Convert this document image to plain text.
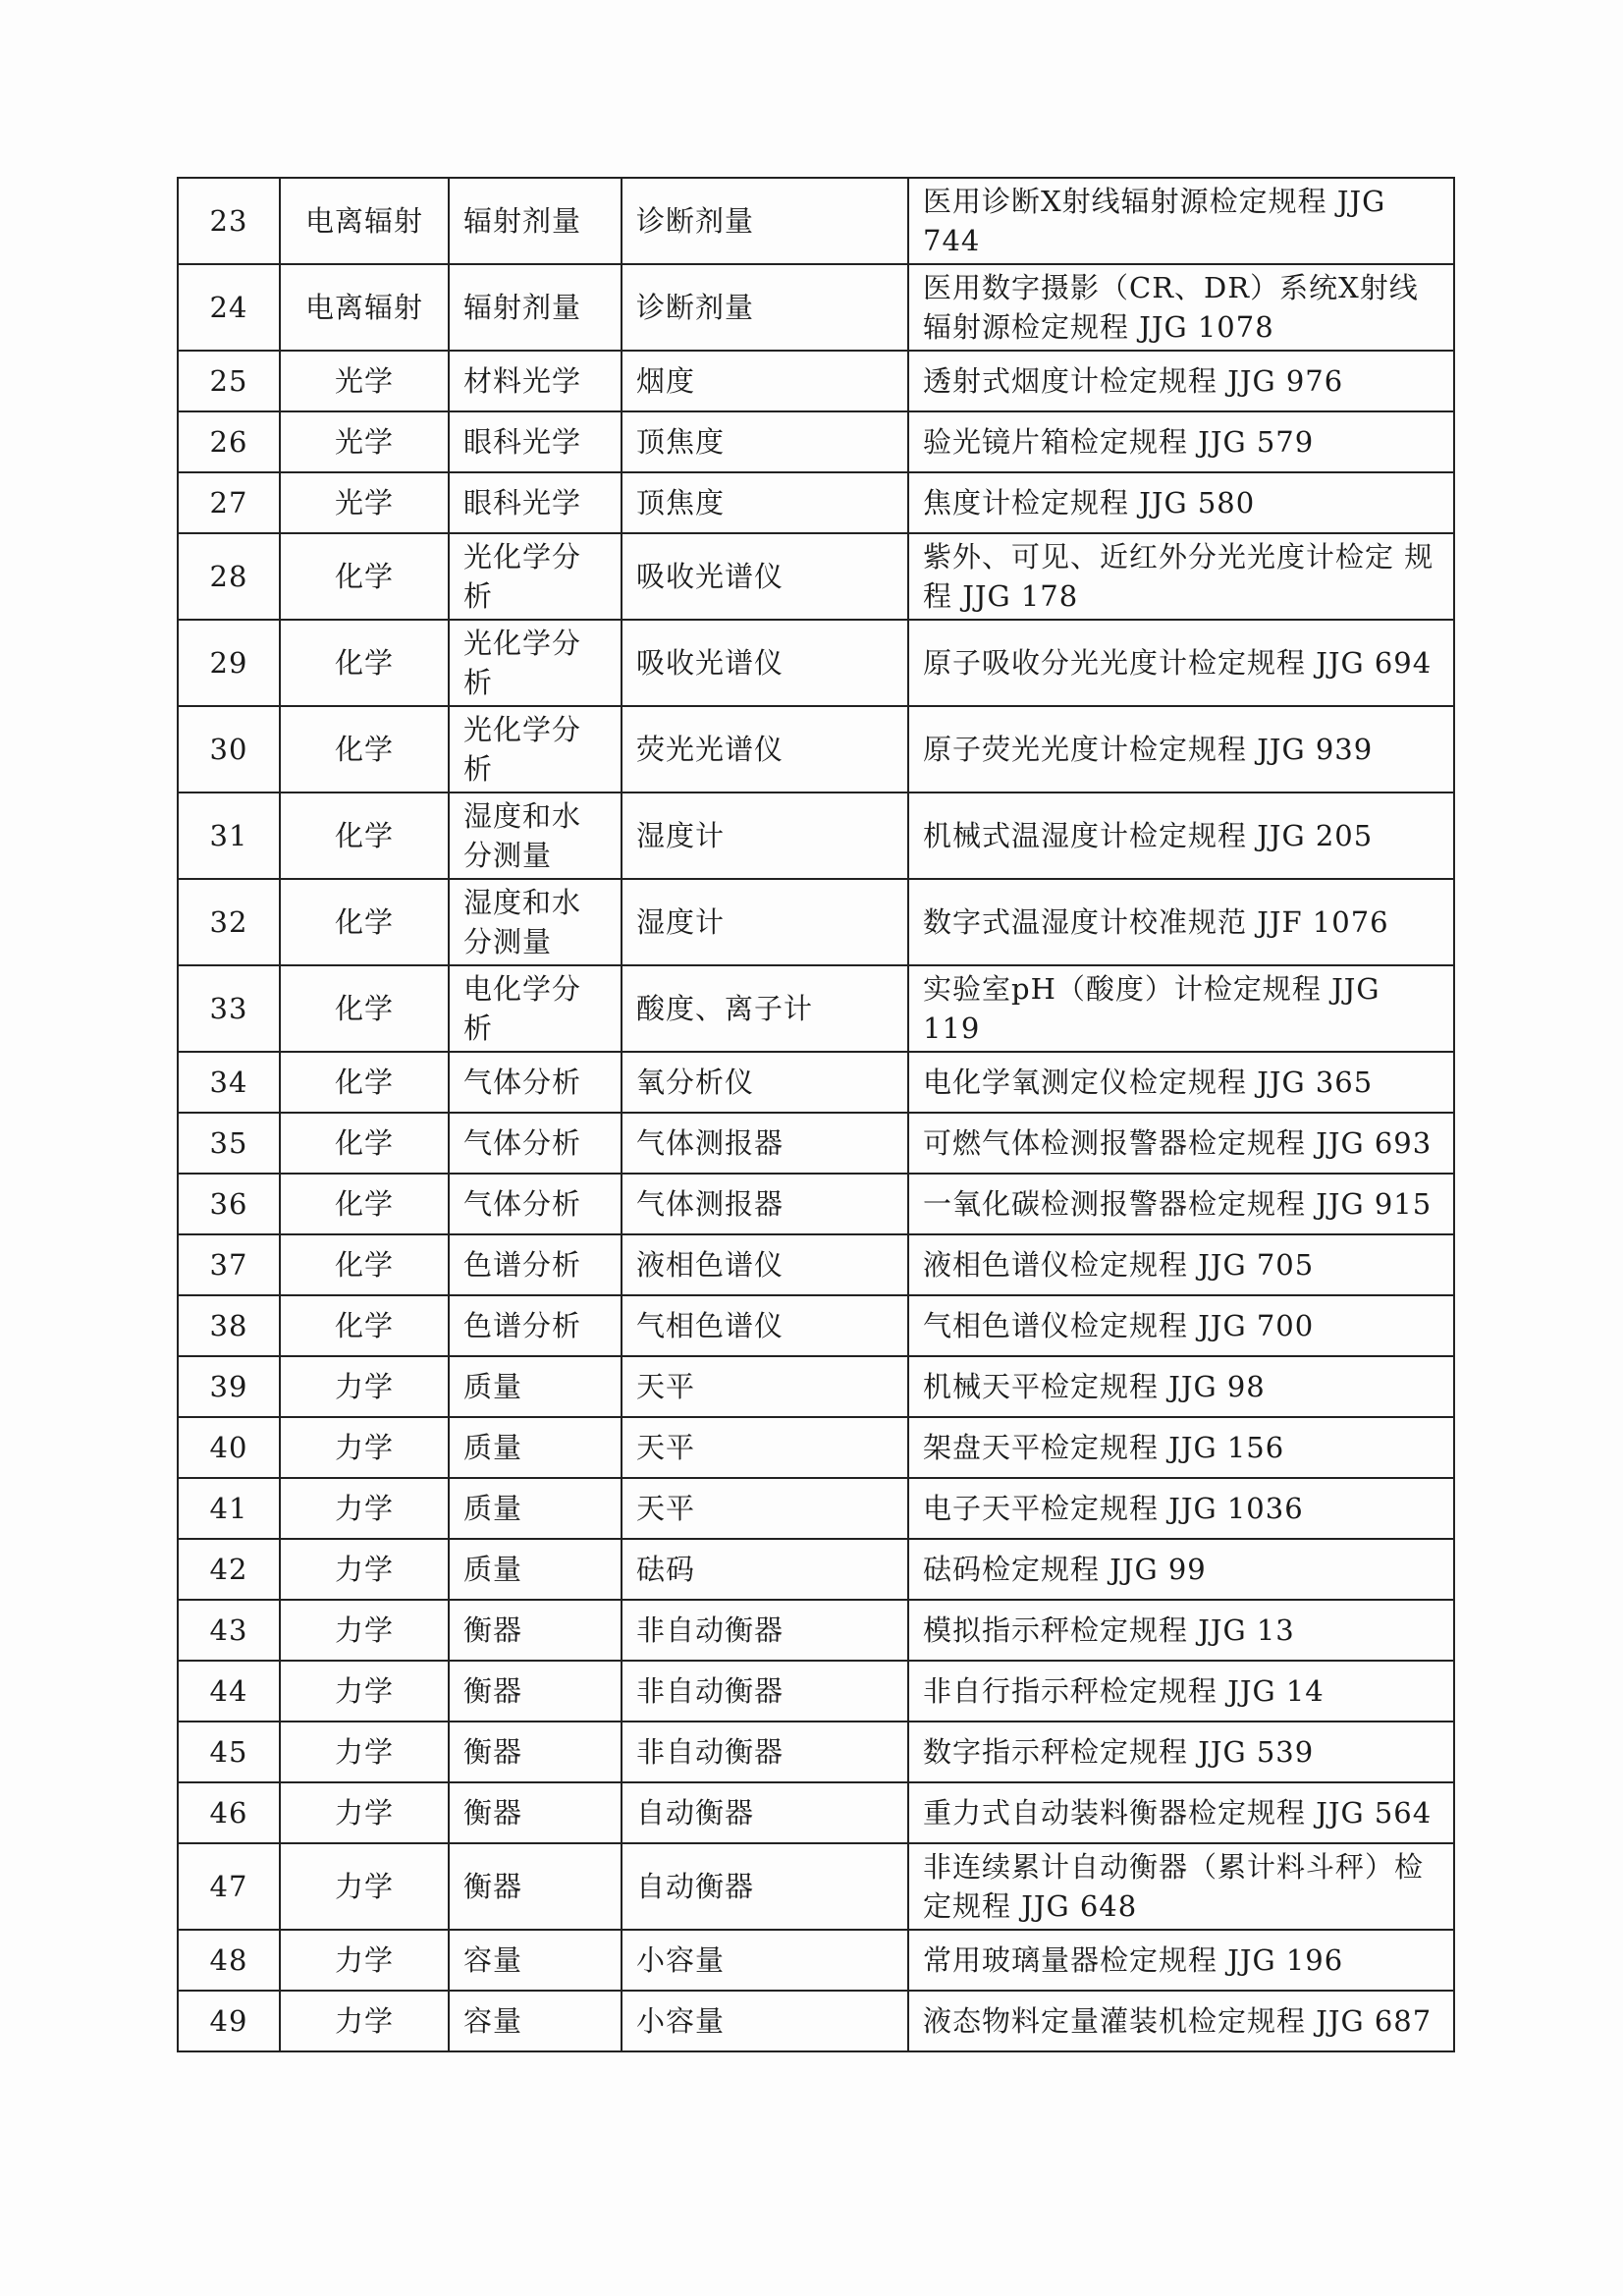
23	电离辐射	辐射剂量	诊断剂量	医用诊断X射线辐射源检定规程 JJG 744
24	电离辐射	辐射剂量	诊断剂量	医用数字摄影（CR、DR）系统X射线辐射源检定规程 JJG 1078
25	光学	材料光学	烟度	透射式烟度计检定规程 JJG 976
26	光学	眼科光学	顶焦度	验光镜片箱检定规程 JJG 579
27	光学	眼科光学	顶焦度	焦度计检定规程 JJG 580
28	化学	光化学分析	吸收光谱仪	紫外、可见、近红外分光光度计检定 规程 JJG 178
29	化学	光化学分析	吸收光谱仪	原子吸收分光光度计检定规程 JJG 694
30	化学	光化学分析	荧光光谱仪	原子荧光光度计检定规程 JJG 939
31	化学	湿度和水分测量	湿度计	机械式温湿度计检定规程 JJG 205
32	化学	湿度和水分测量	湿度计	数字式温湿度计校准规范 JJF 1076
33	化学	电化学分析	酸度、离子计	实验室pH（酸度）计检定规程 JJG 119
34	化学	气体分析	氧分析仪	电化学氧测定仪检定规程 JJG 365
35	化学	气体分析	气体测报器	可燃气体检测报警器检定规程 JJG 693
36	化学	气体分析	气体测报器	一氧化碳检测报警器检定规程 JJG 915
37	化学	色谱分析	液相色谱仪	液相色谱仪检定规程 JJG 705
38	化学	色谱分析	气相色谱仪	气相色谱仪检定规程 JJG 700
39	力学	质量	天平	机械天平检定规程 JJG 98
40	力学	质量	天平	架盘天平检定规程 JJG 156
41	力学	质量	天平	电子天平检定规程 JJG 1036
42	力学	质量	砝码	砝码检定规程 JJG 99
43	力学	衡器	非自动衡器	模拟指示秤检定规程 JJG 13
44	力学	衡器	非自动衡器	非自行指示秤检定规程 JJG 14
45	力学	衡器	非自动衡器	数字指示秤检定规程 JJG 539
46	力学	衡器	自动衡器	重力式自动装料衡器检定规程 JJG 564
47	力学	衡器	自动衡器	非连续累计自动衡器（累计料斗秤）检定规程 JJG 648
48	力学	容量	小容量	常用玻璃量器检定规程 JJG 196
49	力学	容量	小容量	液态物料定量灌装机检定规程 JJG 687
